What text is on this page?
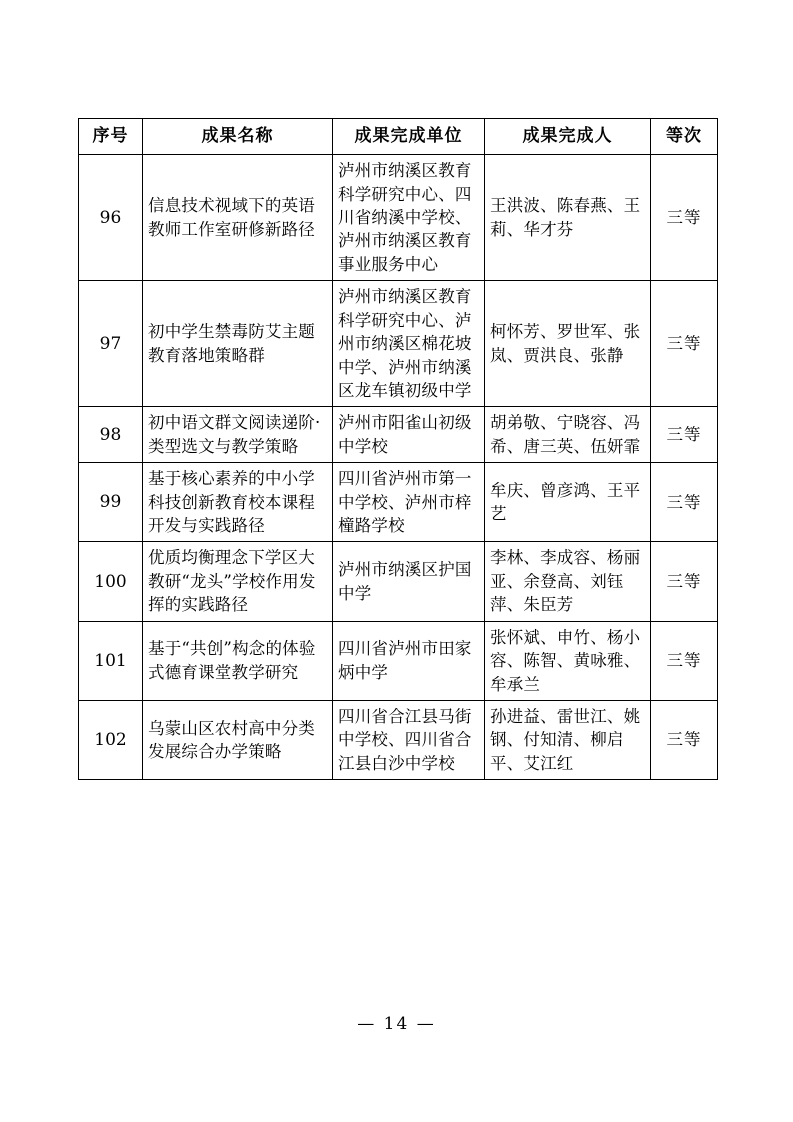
序号	成果名称	成果完成单位	成果完成人	等次
96	信息技术视域下的英语教师工作室研修新路径	泸州市纳溪区教育科学研究中心、四川省纳溪中学校、泸州市纳溪区教育事业服务中心	王洪波、陈春燕、王莉、华才芬	三等
97	初中学生禁毒防艾主题教育落地策略群	泸州市纳溪区教育科学研究中心、泸州市纳溪区棉花坡中学、泸州市纳溪区龙车镇初级中学	柯怀芳、罗世军、张岚、贾洪良、张静	三等
98	初中语文群文阅读递阶·类型选文与教学策略	泸州市阳雀山初级中学校	胡弟敬、宁晓容、冯希、唐三英、伍妍霏	三等
99	基于核心素养的中小学科技创新教育校本课程开发与实践路径	四川省泸州市第一中学校、泸州市梓橦路学校	牟庆、曾彦鸿、王平艺	三等
100	优质均衡理念下学区大教研“龙头”学校作用发挥的实践路径	泸州市纳溪区护国中学	李林、李成容、杨丽亚、余登高、刘钰萍、朱臣芳	三等
101	基于“共创”构念的体验式德育课堂教学研究	四川省泸州市田家炳中学	张怀斌、申竹、杨小容、陈智、黄咏雅、牟承兰	三等
102	乌蒙山区农村高中分类发展综合办学策略	四川省合江县马街中学校、四川省合江县白沙中学校	孙进益、雷世江、姚钢、付知清、柳启平、艾江红	三等
— 14 —
